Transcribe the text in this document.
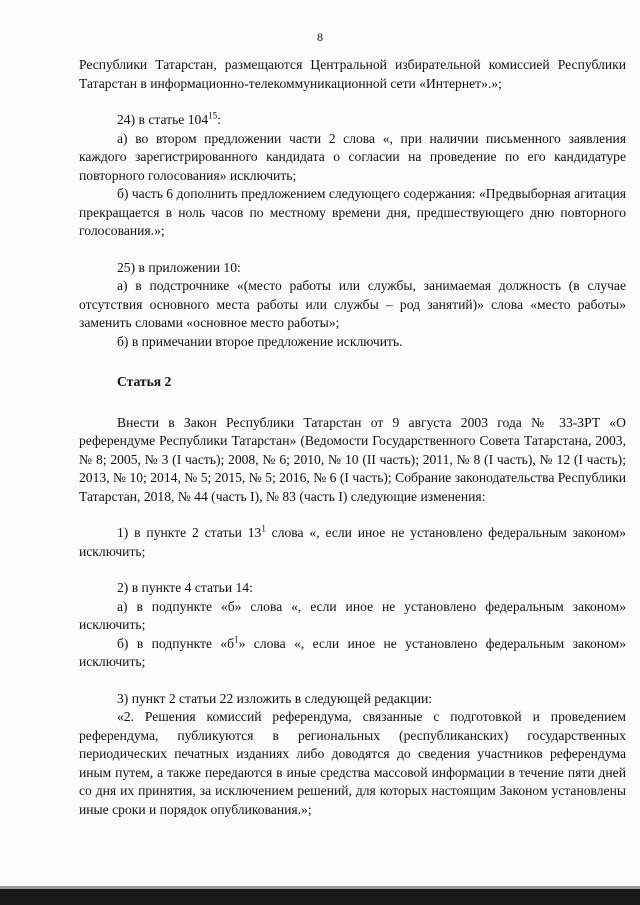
8

Республики Татарстан, размещаются Центральной избирательной комиссией Республики Татарстан в информационно-телекоммуникационной сети «Интернет».»;

24) в статье $104^{15}$:

а) во втором предложении части 2 слова «, при наличии письменного заявления каждого зарегистрированного кандидата о согласии на проведение по его кандидатуре повторного голосования» исключить;

б) часть 6 дополнить предложением следующего содержания: «Предвыборная агитация прекращается в ноль часов по местному времени дня, предшествующего дню повторного голосования.»;

25) в приложении 10:

а) в подстрочнике «(место работы или службы, занимаемая должность (в случае отсутствия основного места работы или службы – род занятий)» слова «место работы» заменить словами «основное место работы»;

б) в примечании второе предложение исключить.

Статья 2

Внести в Закон Республики Татарстан от 9 августа 2003 года № 33-ЗРТ «О референдуме Республики Татарстан» (Ведомости Государственного Совета Татарстана, 2003, № 8; 2005, № 3 (I часть); 2008, № 6; 2010, № 10 (II часть); 2011, № 8 (I часть), № 12 (I часть); 2013, № 10; 2014, № 5; 2015, № 5; 2016, № 6 (I часть); Собрание законодательства Республики Татарстан, 2018, № 44 (часть I), № 83 (часть I) следующие изменения:

1) в пункте 2 статьи $13^1$ слова «, если иное не установлено федеральным законом» исключить;

2) в пункте 4 статьи 14:

а) в подпункте «б» слова «, если иное не установлено федеральным законом» исключить;

б) в подпункте «$б^1$» слова «, если иное не установлено федеральным законом» исключить;

3) пункт 2 статьи 22 изложить в следующей редакции:

«2. Решения комиссий референдума, связанные с подготовкой и проведением референдума, публикуются в региональных (республиканских) государственных периодических печатных изданиях либо доводятся до сведения участников референдума иным путем, а также передаются в иные средства массовой информации в течение пяти дней со дня их принятия, за исключением решений, для которых настоящим Законом установлены иные сроки и порядок опубликования.»;
